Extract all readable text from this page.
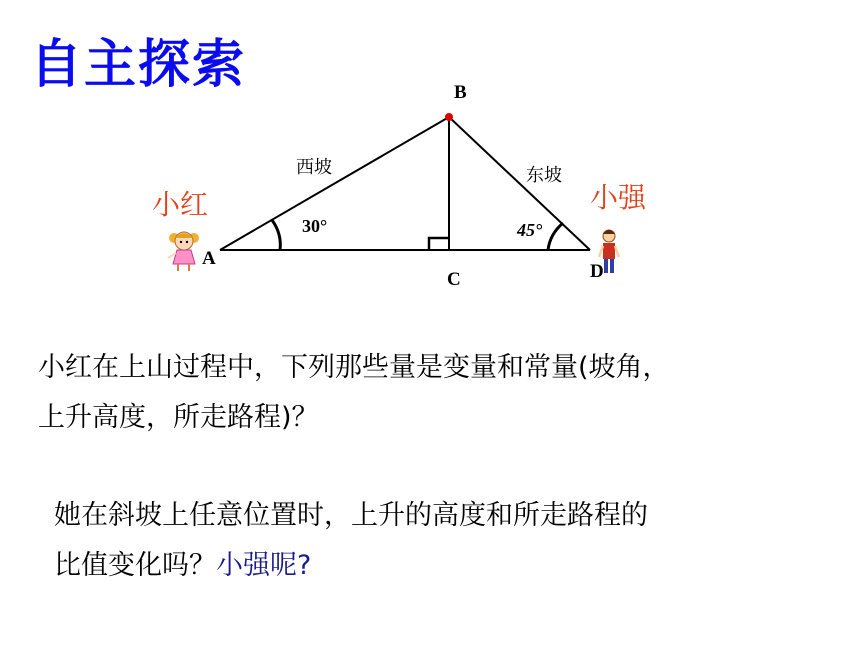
自主探索	B
A
C	D
西坡	东坡
30°	45°
小红	小强
小红在上山过程中，下列那些量是变量和常量(坡角，
上升高度，所走路程)？
她在斜坡上任意位置时，上升的高度和所走路程的
比值变化吗？小强呢?
